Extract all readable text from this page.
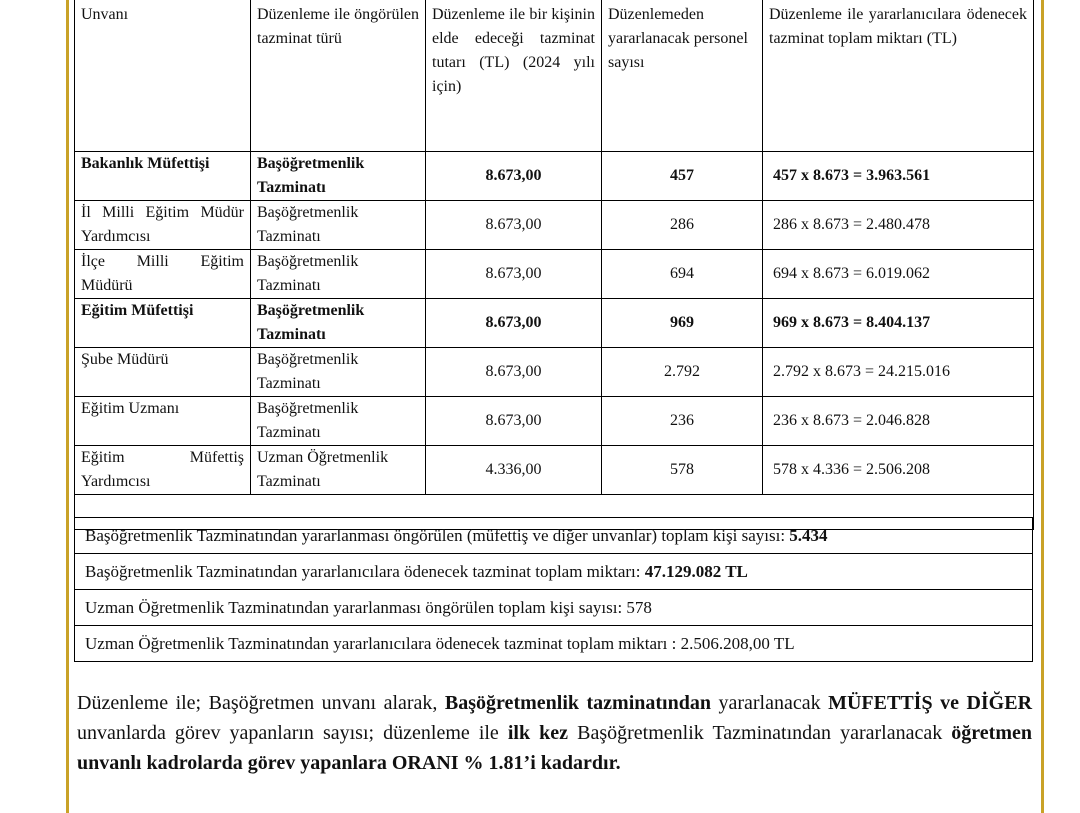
Unvanı	Düzenleme ile öngörülen tazminat türü	Düzenleme ile bir kişinin elde edeceği tazminat tutarı (TL) (2024 yılı için)	Düzenlemeden yararlanacak personel sayısı	Düzenleme ile yararlanıcılara ödenecek tazminat toplam miktarı (TL)
Bakanlık Müfettişi	Başöğretmenlik Tazminatı	8.673,00	457	457 x 8.673 = 3.963.561
İl Milli Eğitim Müdür Yardımcısı	Başöğretmenlik Tazminatı	8.673,00	286	286 x 8.673 = 2.480.478
İlçe Milli Eğitim Müdürü	Başöğretmenlik Tazminatı	8.673,00	694	694 x 8.673 = 6.019.062
Eğitim Müfettişi	Başöğretmenlik Tazminatı	8.673,00	969	969 x 8.673 = 8.404.137
Şube Müdürü	Başöğretmenlik Tazminatı	8.673,00	2.792	2.792 x 8.673 = 24.215.016
Eğitim Uzmanı	Başöğretmenlik Tazminatı	8.673,00	236	236 x 8.673 = 2.046.828
Eğitim Müfettiş Yardımcısı	Uzman Öğretmenlik Tazminatı	4.336,00	578	578 x 4.336 = 2.506.208

Başöğretmenlik Tazminatından yararlanması öngörülen (müfettiş ve diğer unvanlar) toplam kişi sayısı: 5.434
Başöğretmenlik Tazminatından yararlanıcılara ödenecek tazminat toplam miktarı: 47.129.082 TL
Uzman Öğretmenlik Tazminatından yararlanması öngörülen toplam kişi sayısı: 578
Uzman Öğretmenlik Tazminatından yararlanıcılara ödenecek tazminat toplam miktarı : 2.506.208,00 TL
Düzenleme ile; Başöğretmen unvanı alarak, Başöğretmenlik tazminatından yararlanacak MÜFETTİŞ ve DİĞER unvanlarda görev yapanların sayısı; düzenleme ile ilk kez Başöğretmenlik Tazminatından yararlanacak öğretmen unvanlı kadrolarda görev yapanlara ORANI % 1.81’i kadardır.
